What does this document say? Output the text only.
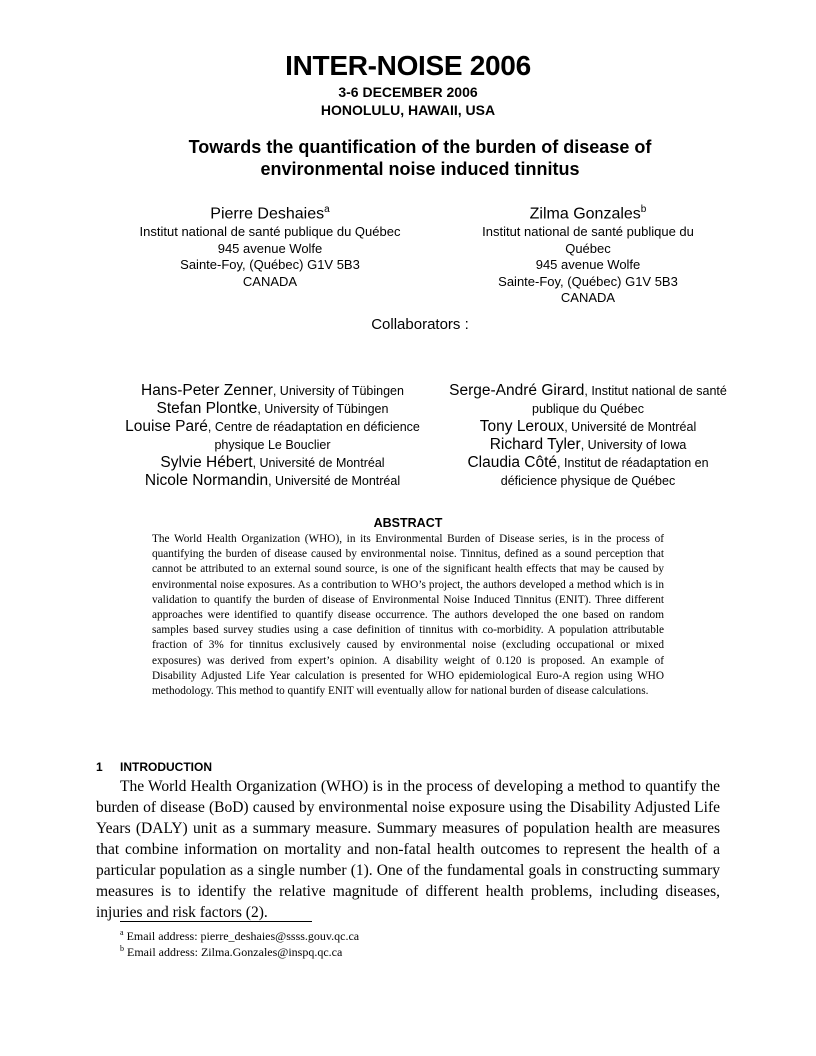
INTER-NOISE 2006
3-6 DECEMBER 2006
HONOLULU, HAWAII, USA
Towards the quantification of the burden of disease of
environmental noise induced tinnitus
Pierre Deshaies$^a$
Institut national de santé publique du Québec
945 avenue Wolfe
Sainte-Foy, (Québec) G1V 5B3
CANADA
Zilma Gonzales$^b$
Institut national de santé publique du
Québec
945 avenue Wolfe
Sainte-Foy, (Québec) G1V 5B3
CANADA
Collaborators :
Hans-Peter Zenner, University of Tübingen
Stefan Plontke, University of Tübingen
Louise Paré, Centre de réadaptation en déficience physique Le Bouclier
Sylvie Hébert, Université de Montréal
Nicole Normandin, Université de Montréal
Serge-André Girard, Institut national de santé publique du Québec
Tony Leroux, Université de Montréal
Richard Tyler, University of Iowa
Claudia Côté, Institut de réadaptation en déficience physique de Québec
ABSTRACT

The World Health Organization (WHO), in its Environmental Burden of Disease series, is in the process of quantifying the burden of disease caused by environmental noise. Tinnitus, defined as a sound perception that cannot be attributed to an external sound source, is one of the significant health effects that may be caused by environmental noise exposures. As a contribution to WHO’s project, the authors developed a method which is in validation to quantify the burden of disease of Environmental Noise Induced Tinnitus (ENIT). Three different approaches were identified to quantify disease occurrence. The authors developed the one based on random samples based survey studies using a case definition of tinnitus with co-morbidity. A population attributable fraction of 3% for tinnitus exclusively caused by environmental noise (excluding occupational or mixed exposures) was derived from expert’s opinion. A disability weight of 0.120 is proposed. An example of Disability Adjusted Life Year calculation is presented for WHO epidemiological Euro-A region using WHO methodology. This method to quantify ENIT will eventually allow for national burden of disease calculations.

1 INTRODUCTION

The World Health Organization (WHO) is in the process of developing a method to quantify the burden of disease (BoD) caused by environmental noise exposure using the Disability Adjusted Life Years (DALY) unit as a summary measure. Summary measures of population health are measures that combine information on mortality and non-fatal health outcomes to represent the health of a particular population as a single number (1). One of the fundamental goals in constructing summary measures is to identify the relative magnitude of different health problems, including diseases, injuries and risk factors (2).

$^a$ Email address: pierre_deshaies@ssss.gouv.qc.ca
$^b$ Email address: Zilma.Gonzales@inspq.qc.ca
